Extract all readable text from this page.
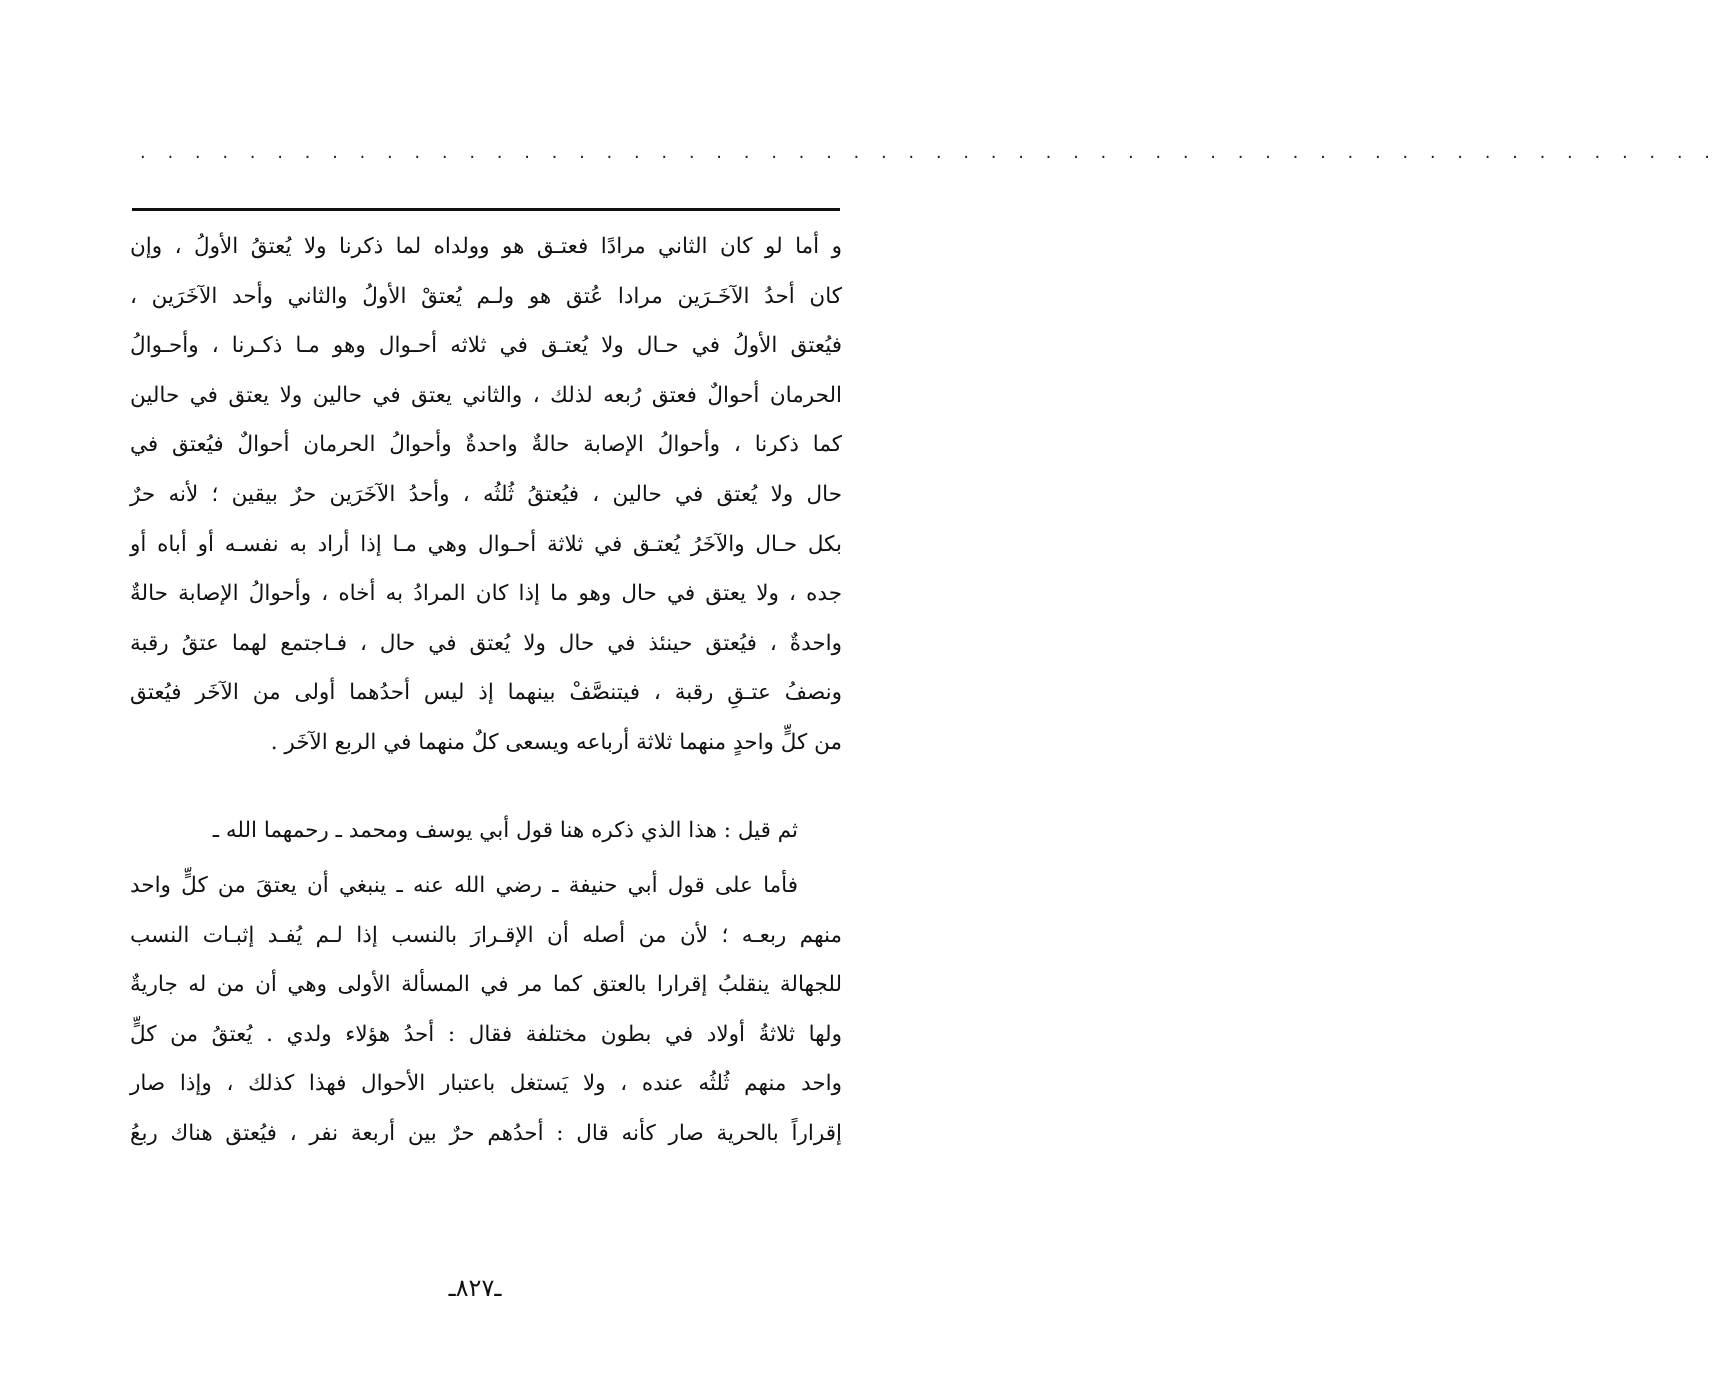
. . . . . . . . . . . . . . . . . . . . . . . . . . . . . . . . . . . . . . . . . . . . . . . . . . . . . . . . . .
و أما لو كان الثاني مرادًا فعتـق هو وولداه لما ذكرنا ولا يُعتقُ الأولُ ، وإن
كان أحدُ الآخَـرَين مرادا عُتق هو ولـم يُعتقْ الأولُ والثاني وأحد الآخَرَين ،
فيُعتق الأولُ في حـال ولا يُعتـق في ثلاثه أحـوال وهو مـا ذكـرنا ، وأحـوالُ
الحرمان أحوالٌ فعتق رُبعه لذلك ، والثاني يعتق في حالين ولا يعتق في حالين
كما ذكرنا ، وأحوالُ الإصابة حالةٌ واحدةٌ وأحوالُ الحرمان أحوالٌ فيُعتق في
حال ولا يُعتق في حالين ، فيُعتقُ ثُلثُه ، وأحدُ الآخَرَين حرٌ بيقين ؛ لأنه حرٌ
بكل حـال والآخَرُ يُعتـق في ثلاثة أحـوال وهي مـا إذا أراد به نفسـه أو أباه أو
جده ، ولا يعتق في حال وهو ما إذا كان المرادُ به أخاه ، وأحوالُ الإصابة حالةٌ
واحدةٌ ، فيُعتق حينئذ في حال ولا يُعتق في حال ، فـاجتمع لهما عتقُ رقبة
ونصفُ عتـقِ رقبة ، فيتنصَّفْ بينهما إذ ليس أحدُهما أولى من الآخَر فيُعتق
من كلٍّ واحدٍ منهما ثلاثة أرباعه ويسعى كلٌ منهما في الربع الآخَر .
ثم قيل : هذا الذي ذكره هنا قول أبي يوسف ومحمد ـ رحمهما الله ـ
فأما على قول أبي حنيفة ـ رضي الله عنه ـ ينبغي أن يعتقَ من كلٍّ واحد
منهم ربعـه ؛ لأن من أصله أن الإقـرارَ بالنسب إذا لـم يُفـد إثبـات النسب
للجهالة ينقلبُ إقرارا بالعتق كما مر في المسألة الأولى وهي أن من له جاريةٌ
ولها ثلاثةُ أولاد في بطون مختلفة فقال : أحدُ هؤلاء ولدي . يُعتقُ من كلٍّ
واحد منهم ثُلثُه عنده ، ولا يَستغل باعتبار الأحوال فهذا كذلك ، وإذا صار
إقراراً بالحرية صار كأنه قال : أحدُهم حرٌ بين أربعة نفر ، فيُعتق هناك ربعُ
ـ٨٢٧ـ
